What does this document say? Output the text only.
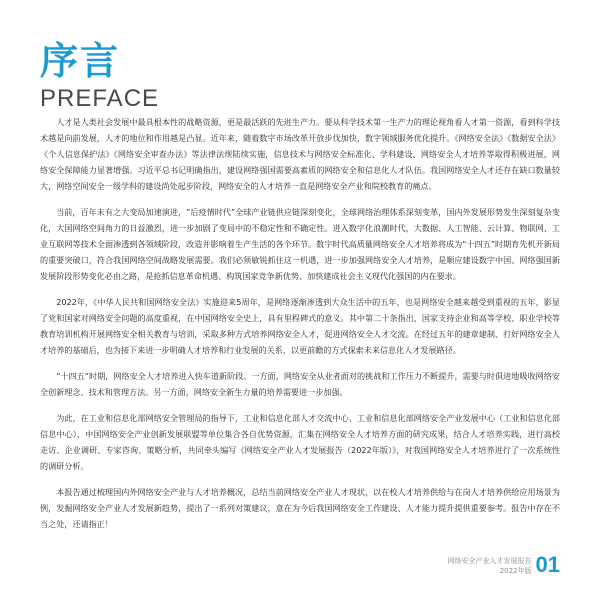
序言
PREFACE

人才是人类社会发展中最具根本性的战略资源，更是最活跃的先进生产力。要从科学技术第一生产力的理论视角看人才第一资源，看到科学技术越是向前发展，人才的地位和作用越是凸显。近年来，随着数字市场改革开放步伐加快，数字领域服务优化提升。《网络安全法》《数据安全法》《个人信息保护法》《网络安全审查办法》等法律法规陆续实施，信息技术与网络安全标准化、学科建设、网络安全人才培养等取得积极进展，网络安全保障能力显著增强。习近平总书记明确指出，建设网络强国需要高素质的网络安全和信息化人才队伍。我国网络安全人才还存在缺口数量较大，网络空间安全一级学科的建设尚处起步阶段，网络安全的人才培养一直是网络安全产业和院校教育的痛点。

当前，百年未有之大变局加速演进，“后疫情时代”全球产业链供应链深刻变化，全球网络治理体系深刻变革，国内外发展形势发生深刻复杂变化，大国网络空间角力的日益激烈，进一步加剧了变局中的不稳定性和不确定性。进入数字化浪潮时代，大数据、人工智能、云计算、物联网、工业互联网等技术全面渗透到各领域阶段，改造并影响着生产生活的各个环节。数字时代高质量网络安全人才培养将成为“十四五”时期育先机开新局的重要突破口，符合我国网络空间战略发展需要。我们必须敏锐抓住这一机遇，进一步加强网络安全人才培养，是顺应建设数字中国、网络强国新发展阶段形势变化必由之路，是抢抓信息革命机遇、构筑国家竞争新优势、加快建成社会主义现代化强国的内在要求。

2022年，《中华人民共和国网络安全法》实施迎来5周年，是网络逐渐渗透到大众生活中的五年，也是网络安全越来越受到重视的五年，影显了党和国家对网络安全问题的高度重视，在中国网络安全史上，具有里程碑式的意义。其中第二十条指出，国家支持企业和高等学校、职业学校等教育培训机构开展网络安全相关教育与培训，采取多种方式培养网络安全人才，促进网络安全人才交流。在经过五年的建章建制、打好网络安全人才培养的基础后，也为接下来进一步明确人才培养和行业发展的关系，以更前瞻的方式探索未来信息化人才发展路径。

“十四五”时期，网络安全人才培养进入快车道新阶段。一方面，网络安全从业者面对的挑战和工作压力不断提升，需要与时俱进地吸收网络安全创新理念、技术和管理方法。另一方面，网络安全新生力量的培养需要进一步加强。

为此，在工业和信息化部网络安全管理局的指导下，工业和信息化部人才交流中心、工业和信息化部网络安全产业发展中心（工业和信息化部信息中心）、中国网络安全产业创新发展联盟等单位集合各自优势资源，汇集在网络安全人才培养方面的研究成果，结合人才培养实践，进行高校走访、企业调研、专家咨询、策略分析，共同牵头编写《网络安全产业人才发展报告（2022年版）》，对我国网络安全人才培养进行了一次系统性的调研分析。

本报告通过梳理国内外网络安全产业与人才培养概况，总结当前网络安全产业人才现状，以在校人才培养供给与在岗人才培养供给应用场景为例，发掘网络安全产业人才发展新趋势，提出了一系列对策建议，意在为今后我国网络安全工作建设、人才能力提升提供重要参考。报告中存在不当之处，还请指正！

网络安全产业人才发展报告
2022年版 01
